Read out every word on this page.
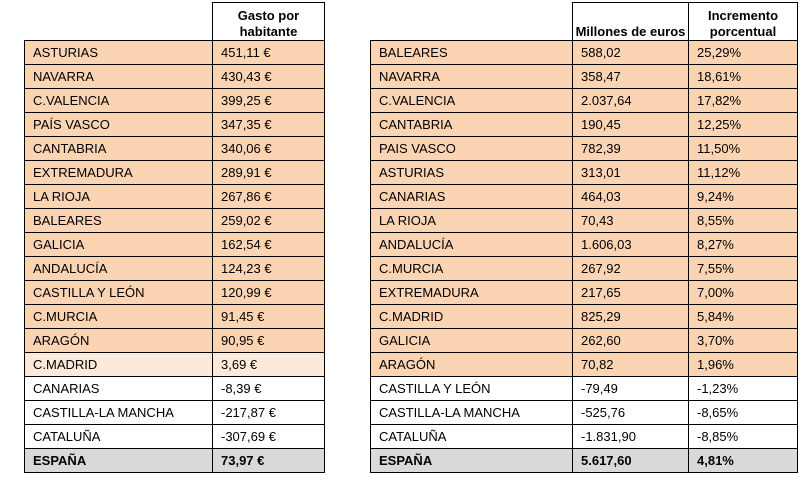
	Gasto por habitante
ASTURIAS	451,11 €
NAVARRA	430,43 €
C.VALENCIA	399,25 €
PAÍS VASCO	347,35 €
CANTABRIA	340,06 €
EXTREMADURA	289,91 €
LA RIOJA	267,86 €
BALEARES	259,02 €
GALICIA	162,54 €
ANDALUCÍA	124,23 €
CASTILLA Y LEÓN	120,99 €
C.MURCIA	91,45 €
ARAGÓN	90,95 €
C.MADRID	3,69 €
CANARIAS	-8,39 €
CASTILLA-LA MANCHA	-217,87 €
CATALUÑA	-307,69 €
ESPAÑA	73,97 €
	Millones de euros	Incremento porcentual
BALEARES	588,02	25,29%
NAVARRA	358,47	18,61%
C.VALENCIA	2.037,64	17,82%
CANTABRIA	190,45	12,25%
PAIS VASCO	782,39	11,50%
ASTURIAS	313,01	11,12%
CANARIAS	464,03	9,24%
LA RIOJA	70,43	8,55%
ANDALUCÍA	1.606,03	8,27%
C.MURCIA	267,92	7,55%
EXTREMADURA	217,65	7,00%
C.MADRID	825,29	5,84%
GALICIA	262,60	3,70%
ARAGÓN	70,82	1,96%
CASTILLA Y LEÓN	-79,49	-1,23%
CASTILLA-LA MANCHA	-525,76	-8,65%
CATALUÑA	-1.831,90	-8,85%
ESPAÑA	5.617,60	4,81%
